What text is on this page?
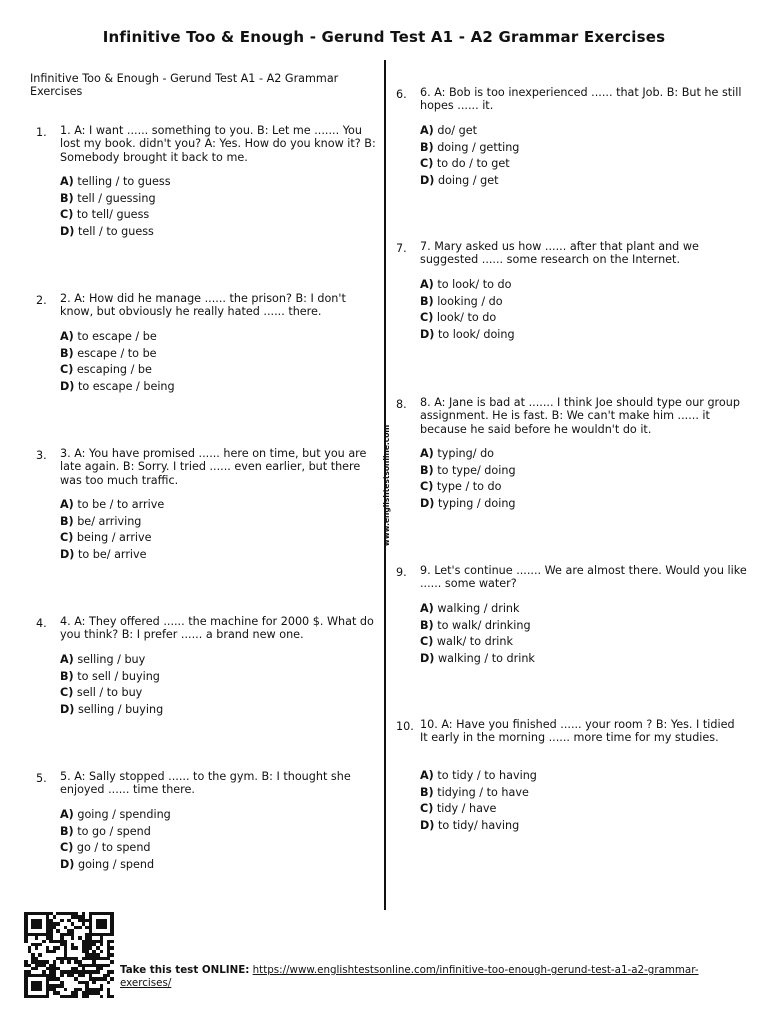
Infinitive Too & Enough - Gerund Test A1 - A2 Grammar Exercises
Infinitive Too & Enough - Gerund Test A1 - A2 Grammar Exercises
www.englishtestsonline.com
1.	1. A: I want ...... something to you. B: Let me ....... You lost my book. didn't you? A: Yes. How do you know it? B: Somebody brought it back to me.
A) telling / to guess
B) tell / guessing
C) to tell/ guess
D) tell / to guess
2.	2. A: How did he manage ...... the prison? B: I don't know, but obviously he really hated ...... there.
A) to escape / be
B) escape / to be
C) escaping / be
D) to escape / being
3.	3. A: You have promised ...... here on time, but you are late again. B: Sorry. I tried ...... even earlier, but there was too much traffic.
A) to be / to arrive
B) be/ arriving
C) being / arrive
D) to be/ arrive
4.	4. A: They offered ...... the machine for 2000 $. What do you think? B: I prefer ...... a brand new one.
A) selling / buy
B) to sell / buying
C) sell / to buy
D) selling / buying
5.	5. A: Sally stopped ...... to the gym. B: I thought she enjoyed ...... time there.
A) going / spending
B) to go / spend
C) go / to spend
D) going / spend
6.	6. A: Bob is too inexperienced ...... that Job. B: But he still hopes ...... it.
A) do/ get
B) doing / getting
C) to do / to get
D) doing / get
7.	7. Mary asked us how ...... after that plant and we suggested ...... some research on the Internet.
A) to look/ to do
B) looking / do
C) look/ to do
D) to look/ doing
8.	8. A: Jane is bad at ....... I think Joe should type our group assignment. He is fast. B: We can't make him ...... it because he said before he wouldn't do it.
A) typing/ do
B) to type/ doing
C) type / to do
D) typing / doing
9.	9. Let's continue ....... We are almost there. Would you like ...... some water?
A) walking / drink
B) to walk/ drinking
C) walk/ to drink
D) walking / to drink
10. 10. A: Have you finished ...... your room ? B: Yes. I tidied It early in the morning ...... more time for my studies.
A) to tidy / to having
B) tidying / to have
C) tidy / have
D) to tidy/ having
Take this test ONLINE: https://www.englishtestsonline.com/infinitive-too-enough-gerund-test-a1-a2-grammar-exercises/
